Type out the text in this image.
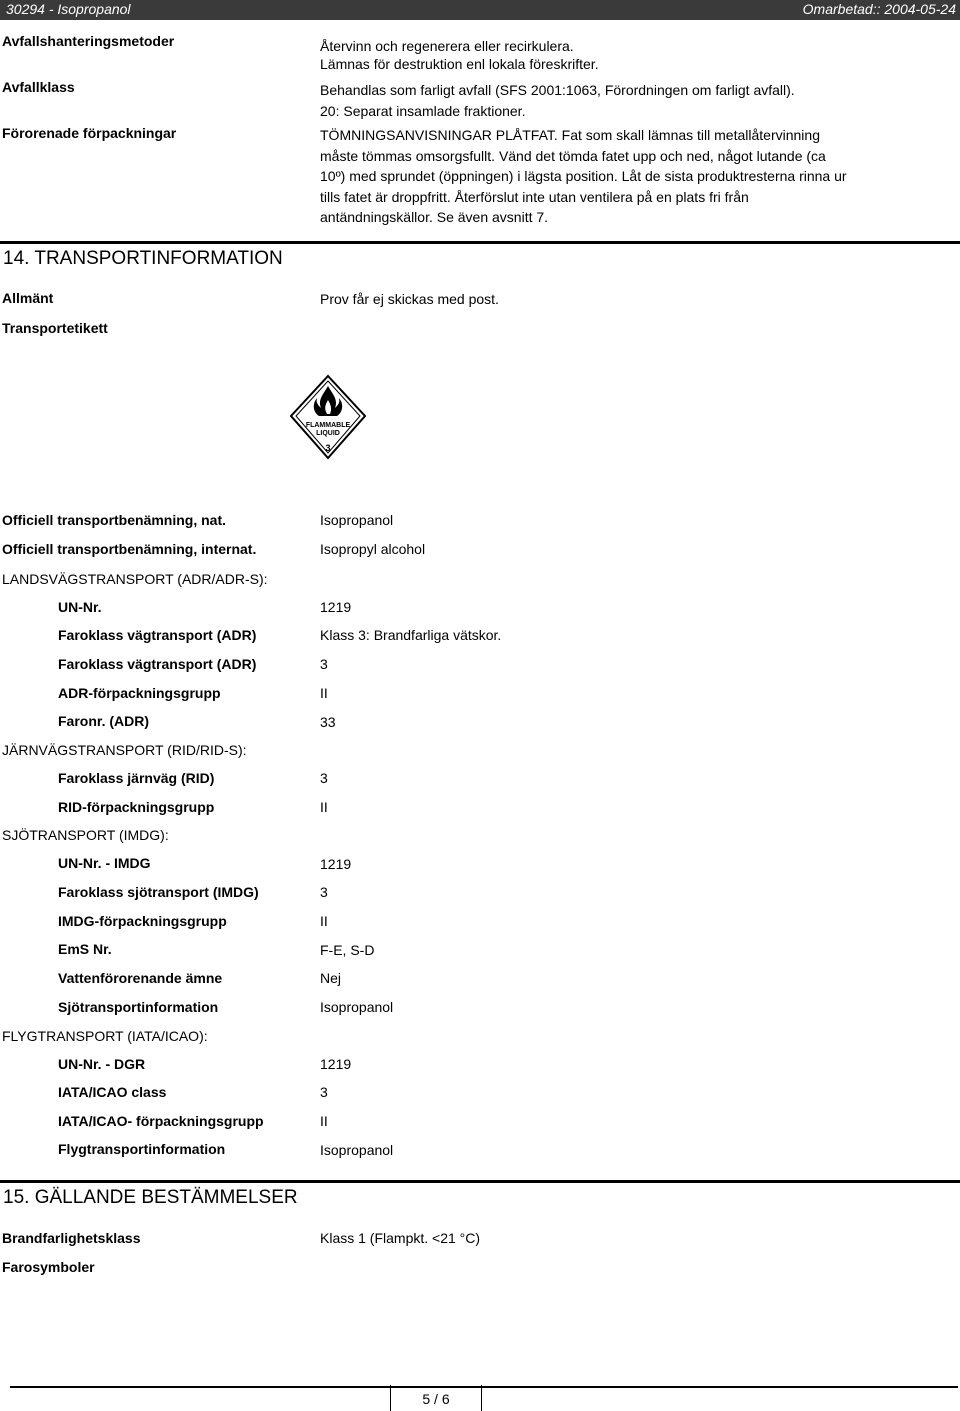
30294 - Isopropanol	Omarbetad:: 2004-05-24
Avfallshanteringsmetoder	Återvinn och regenerera eller recirkulera.
Lämnas för destruktion enl lokala föreskrifter.
Avfallklass	Behandlas som farligt avfall (SFS 2001:1063, Förordningen om farligt avfall).
20: Separat insamlade fraktioner.
Förorenade förpackningar	TÖMNINGSANVISNINGAR PLÅTFAT. Fat som skall lämnas till metallåtervinning
måste tömmas omsorgsfullt. Vänd det tömda fatet upp och ned, något lutande (ca
10º) med sprundet (öppningen) i lägsta position. Låt de sista produktresterna rinna ur
tills fatet är droppfritt. Återförslut inte utan ventilera på en plats fri från
antändningskällor. Se även avsnitt 7.
14. TRANSPORTINFORMATION
Allmänt	Prov får ej skickas med post.
Transportetikett
FLAMMABLE
LIQUID
3
Officiell transportbenämning, nat.	Isopropanol
Officiell transportbenämning, internat.	Isopropyl alcohol
LANDSVÄGSTRANSPORT (ADR/ADR-S):
UN-Nr.	1219
Faroklass vägtransport (ADR)	Klass 3: Brandfarliga vätskor.
Faroklass vägtransport (ADR)	3
ADR-förpackningsgrupp	II
Faronr. (ADR)	33
JÄRNVÄGSTRANSPORT (RID/RID-S):
Faroklass järnväg (RID)	3
RID-förpackningsgrupp	II
SJÖTRANSPORT (IMDG):
UN-Nr. - IMDG	1219
Faroklass sjötransport (IMDG)	3
IMDG-förpackningsgrupp	II
EmS Nr.	F-E, S-D
Vattenförorenande ämne	Nej
Sjötransportinformation	Isopropanol
FLYGTRANSPORT (IATA/ICAO):
UN-Nr. - DGR	1219
IATA/ICAO class	3
IATA/ICAO- förpackningsgrupp	II
Flygtransportinformation	Isopropanol
15. GÄLLANDE BESTÄMMELSER
Brandfarlighetsklass	Klass 1 (Flampkt. <21 °C)
Farosymboler
5 / 6
